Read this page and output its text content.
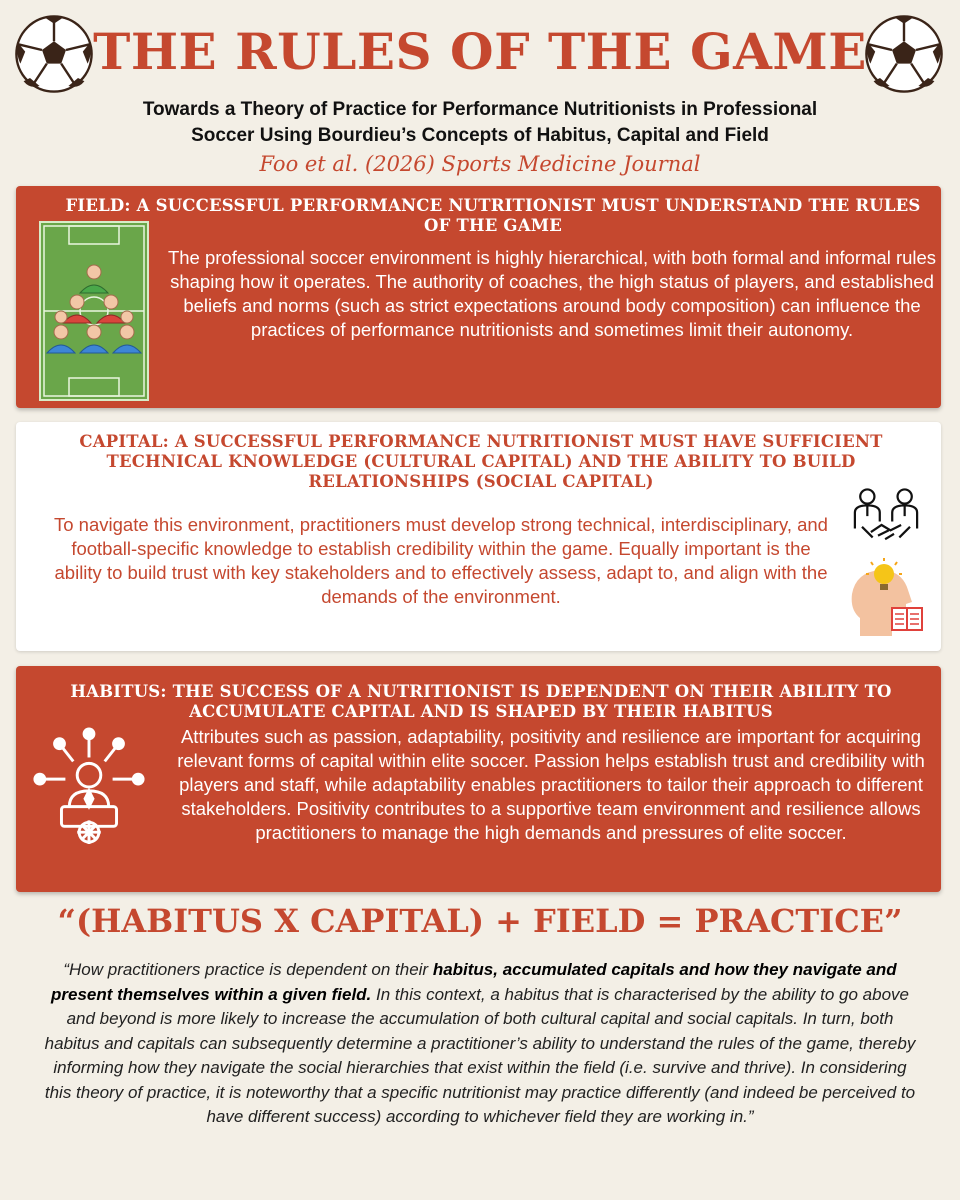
THE RULES OF THE GAME
Towards a Theory of Practice for Performance Nutritionists in Professional
Soccer Using Bourdieu’s Concepts of Habitus, Capital and Field
Foo et al. (2026) Sports Medicine Journal
FIELD: A SUCCESSFUL PERFORMANCE NUTRITIONIST MUST UNDERSTAND THE RULES OF THE GAME

The professional soccer environment is highly hierarchical, with both formal and informal rules shaping how it operates. The authority of coaches, the high status of players, and established beliefs and norms (such as strict expectations around body composition) can influence the practices of performance nutritionists and sometimes limit their autonomy.

CAPITAL: A SUCCESSFUL PERFORMANCE NUTRITIONIST MUST HAVE SUFFICIENT TECHNICAL KNOWLEDGE (CULTURAL CAPITAL) AND THE ABILITY TO BUILD RELATIONSHIPS (SOCIAL CAPITAL)

To navigate this environment, practitioners must develop strong technical, interdisciplinary, and football-specific knowledge to establish credibility within the game. Equally important is the ability to build trust with key stakeholders and to effectively assess, adapt to, and align with the demands of the environment.

HABITUS: THE SUCCESS OF A NUTRITIONIST IS DEPENDENT ON THEIR ABILITY TO ACCUMULATE CAPITAL AND IS SHAPED BY THEIR HABITUS

Attributes such as passion, adaptability, positivity and resilience are important for acquiring relevant forms of capital within elite soccer. Passion helps establish trust and credibility with players and staff, while adaptability enables practitioners to tailor their approach to different stakeholders. Positivity contributes to a supportive team environment and resilience allows practitioners to manage the high demands and pressures of elite soccer.

“(HABITUS X CAPITAL) + FIELD = PRACTICE”

“How practitioners practice is dependent on their habitus, accumulated capitals and how they navigate and present themselves within a given field. In this context, a habitus that is characterised by the ability to go above and beyond is more likely to increase the accumulation of both cultural capital and social capitals. In turn, both habitus and capitals can subsequently determine a practitioner’s ability to understand the rules of the game, thereby informing how they navigate the social hierarchies that exist within the field (i.e. survive and thrive). In considering this theory of practice, it is noteworthy that a specific nutritionist may practice differently (and indeed be perceived to have different success) according to whichever field they are working in.”
